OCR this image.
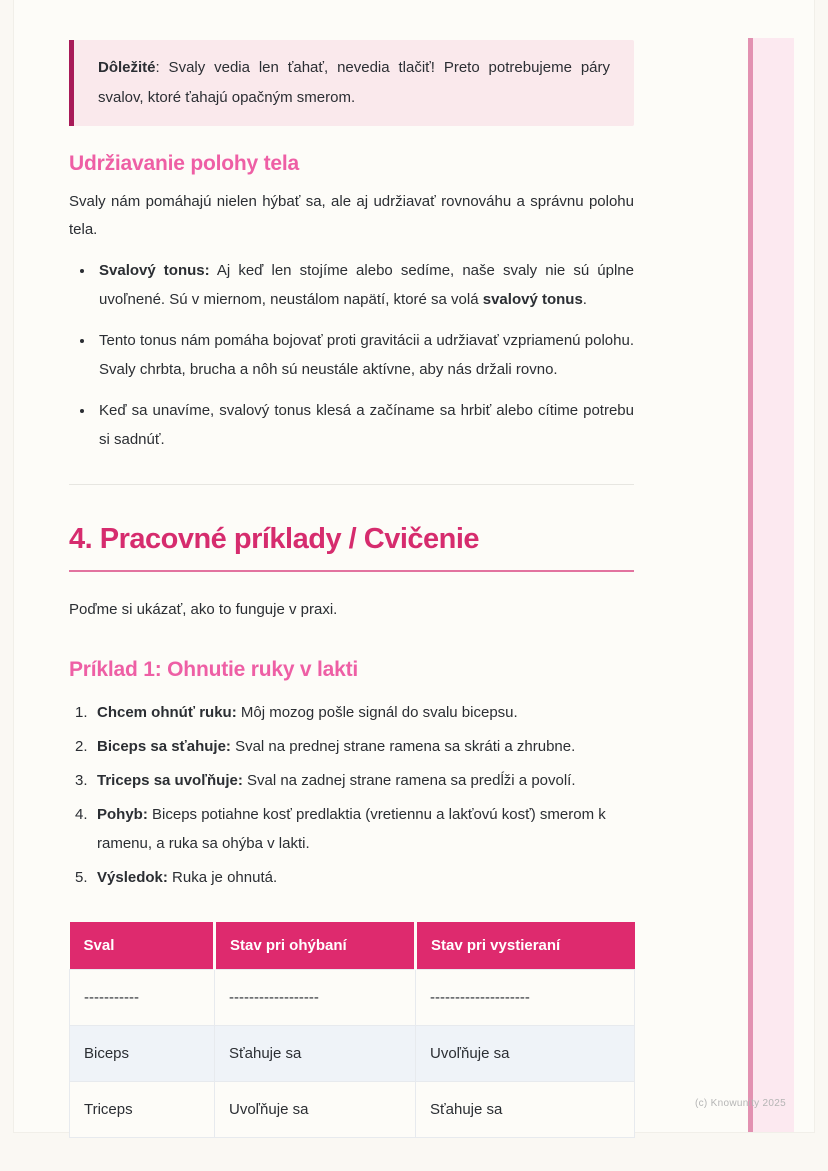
Dôležité: Svaly vedia len ťahať, nevedia tlačiť! Preto potrebujeme páry svalov, ktoré ťahajú opačným smerom.

Udržiavanie polohy tela

Svaly nám pomáhajú nielen hýbať sa, ale aj udržiavať rovnováhu a správnu polohu tela.

• Svalový tonus: Aj keď len stojíme alebo sedíme, naše svaly nie sú úplne uvoľnené. Sú v miernom, neustálom napätí, ktoré sa volá svalový tonus.
• Tento tonus nám pomáha bojovať proti gravitácii a udržiavať vzpriamenú polohu. Svaly chrbta, brucha a nôh sú neustále aktívne, aby nás držali rovno.
• Keď sa unavíme, svalový tonus klesá a začíname sa hrbiť alebo cítime potrebu si sadnúť.
4. Pracovné príklady / Cvičenie

Poďme si ukázať, ako to funguje v praxi.

Príklad 1: Ohnutie ruky v lakti
1. Chcem ohnúť ruku: Môj mozog pošle signál do svalu bicepsu.
2. Biceps sa sťahuje: Sval na prednej strane ramena sa skráti a zhrubne.
3. Triceps sa uvoľňuje: Sval na zadnej strane ramena sa predĺži a povolí.
4. Pohyb: Biceps potiahne kosť predlaktia (vretiennu a lakťovú kosť) smerom k ramenu, a ruka sa ohýba v lakti.
5. Výsledok: Ruka je ohnutá.
Sval	Stav pri ohýbaní	Stav pri vystieraní
-----------	------------------	--------------------
Biceps	Sťahuje sa	Uvoľňuje sa
Triceps	Uvoľňuje sa	Sťahuje sa	(c) Knowunity 2025
